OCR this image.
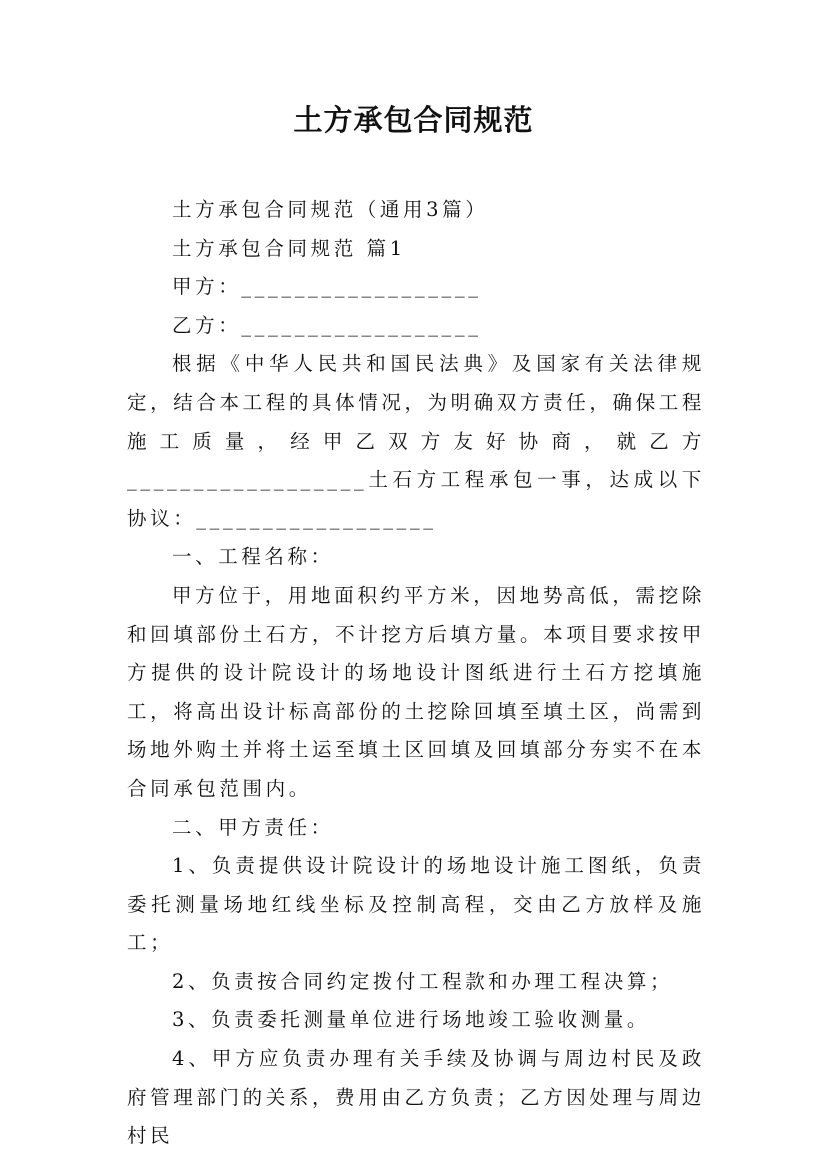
土方承包合同规范

土方承包合同规范（通用3篇）

土方承包合同规范 篇1

甲方：__________________

乙方：__________________

根据《中华人民共和国民法典》及国家有关法律规定，结合本工程的具体情况，为明确双方责任，确保工程施工质量，经甲乙双方友好协商，就乙方__________________土石方工程承包一事，达成以下协议：__________________

一、工程名称：

甲方位于，用地面积约平方米，因地势高低，需挖除和回填部份土石方，不计挖方后填方量。本项目要求按甲方提供的设计院设计的场地设计图纸进行土石方挖填施工，将高出设计标高部份的土挖除回填至填土区，尚需到场地外购土并将土运至填土区回填及回填部分夯实不在本合同承包范围内。

二、甲方责任：

1、负责提供设计院设计的场地设计施工图纸，负责委托测量场地红线坐标及控制高程，交由乙方放样及施工；

2、负责按合同约定拨付工程款和办理工程决算；

3、负责委托测量单位进行场地竣工验收测量。

4、甲方应负责办理有关手续及协调与周边村民及政府管理部门的关系，费用由乙方负责；乙方因处理与周边村民
